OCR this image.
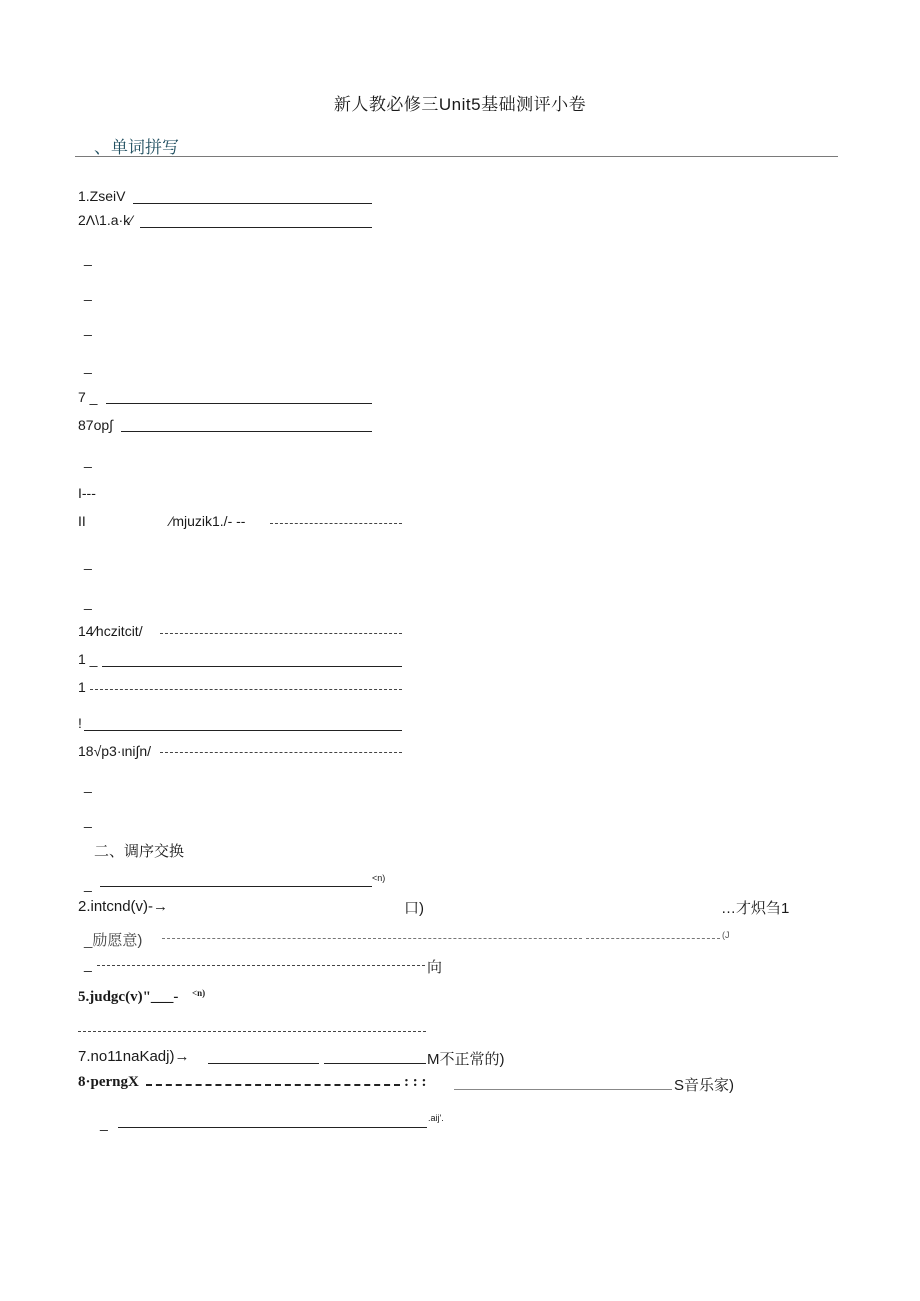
新人教必修三Unit5基础测评小卷
、单词拼写
1.ZseiV
2Λ\1.a·k⁄
_
_
_
_
7 _
87op∫
_
I---
II	⁄mjuzik1./- --
_
_
14⁄hczitcit/
1 _
1
!
18√p3·ιni∫n/
_
_
二、调序交换
_	<n)
2.intcnd(v)-→	口)	…才炽刍1
_励愿意)	(J
_	向
5.judgc(v)"___- <n)
7.no11naKadj)→	M不正常的)
8·perngX	: : :	S音乐家)
_	.aij'.
